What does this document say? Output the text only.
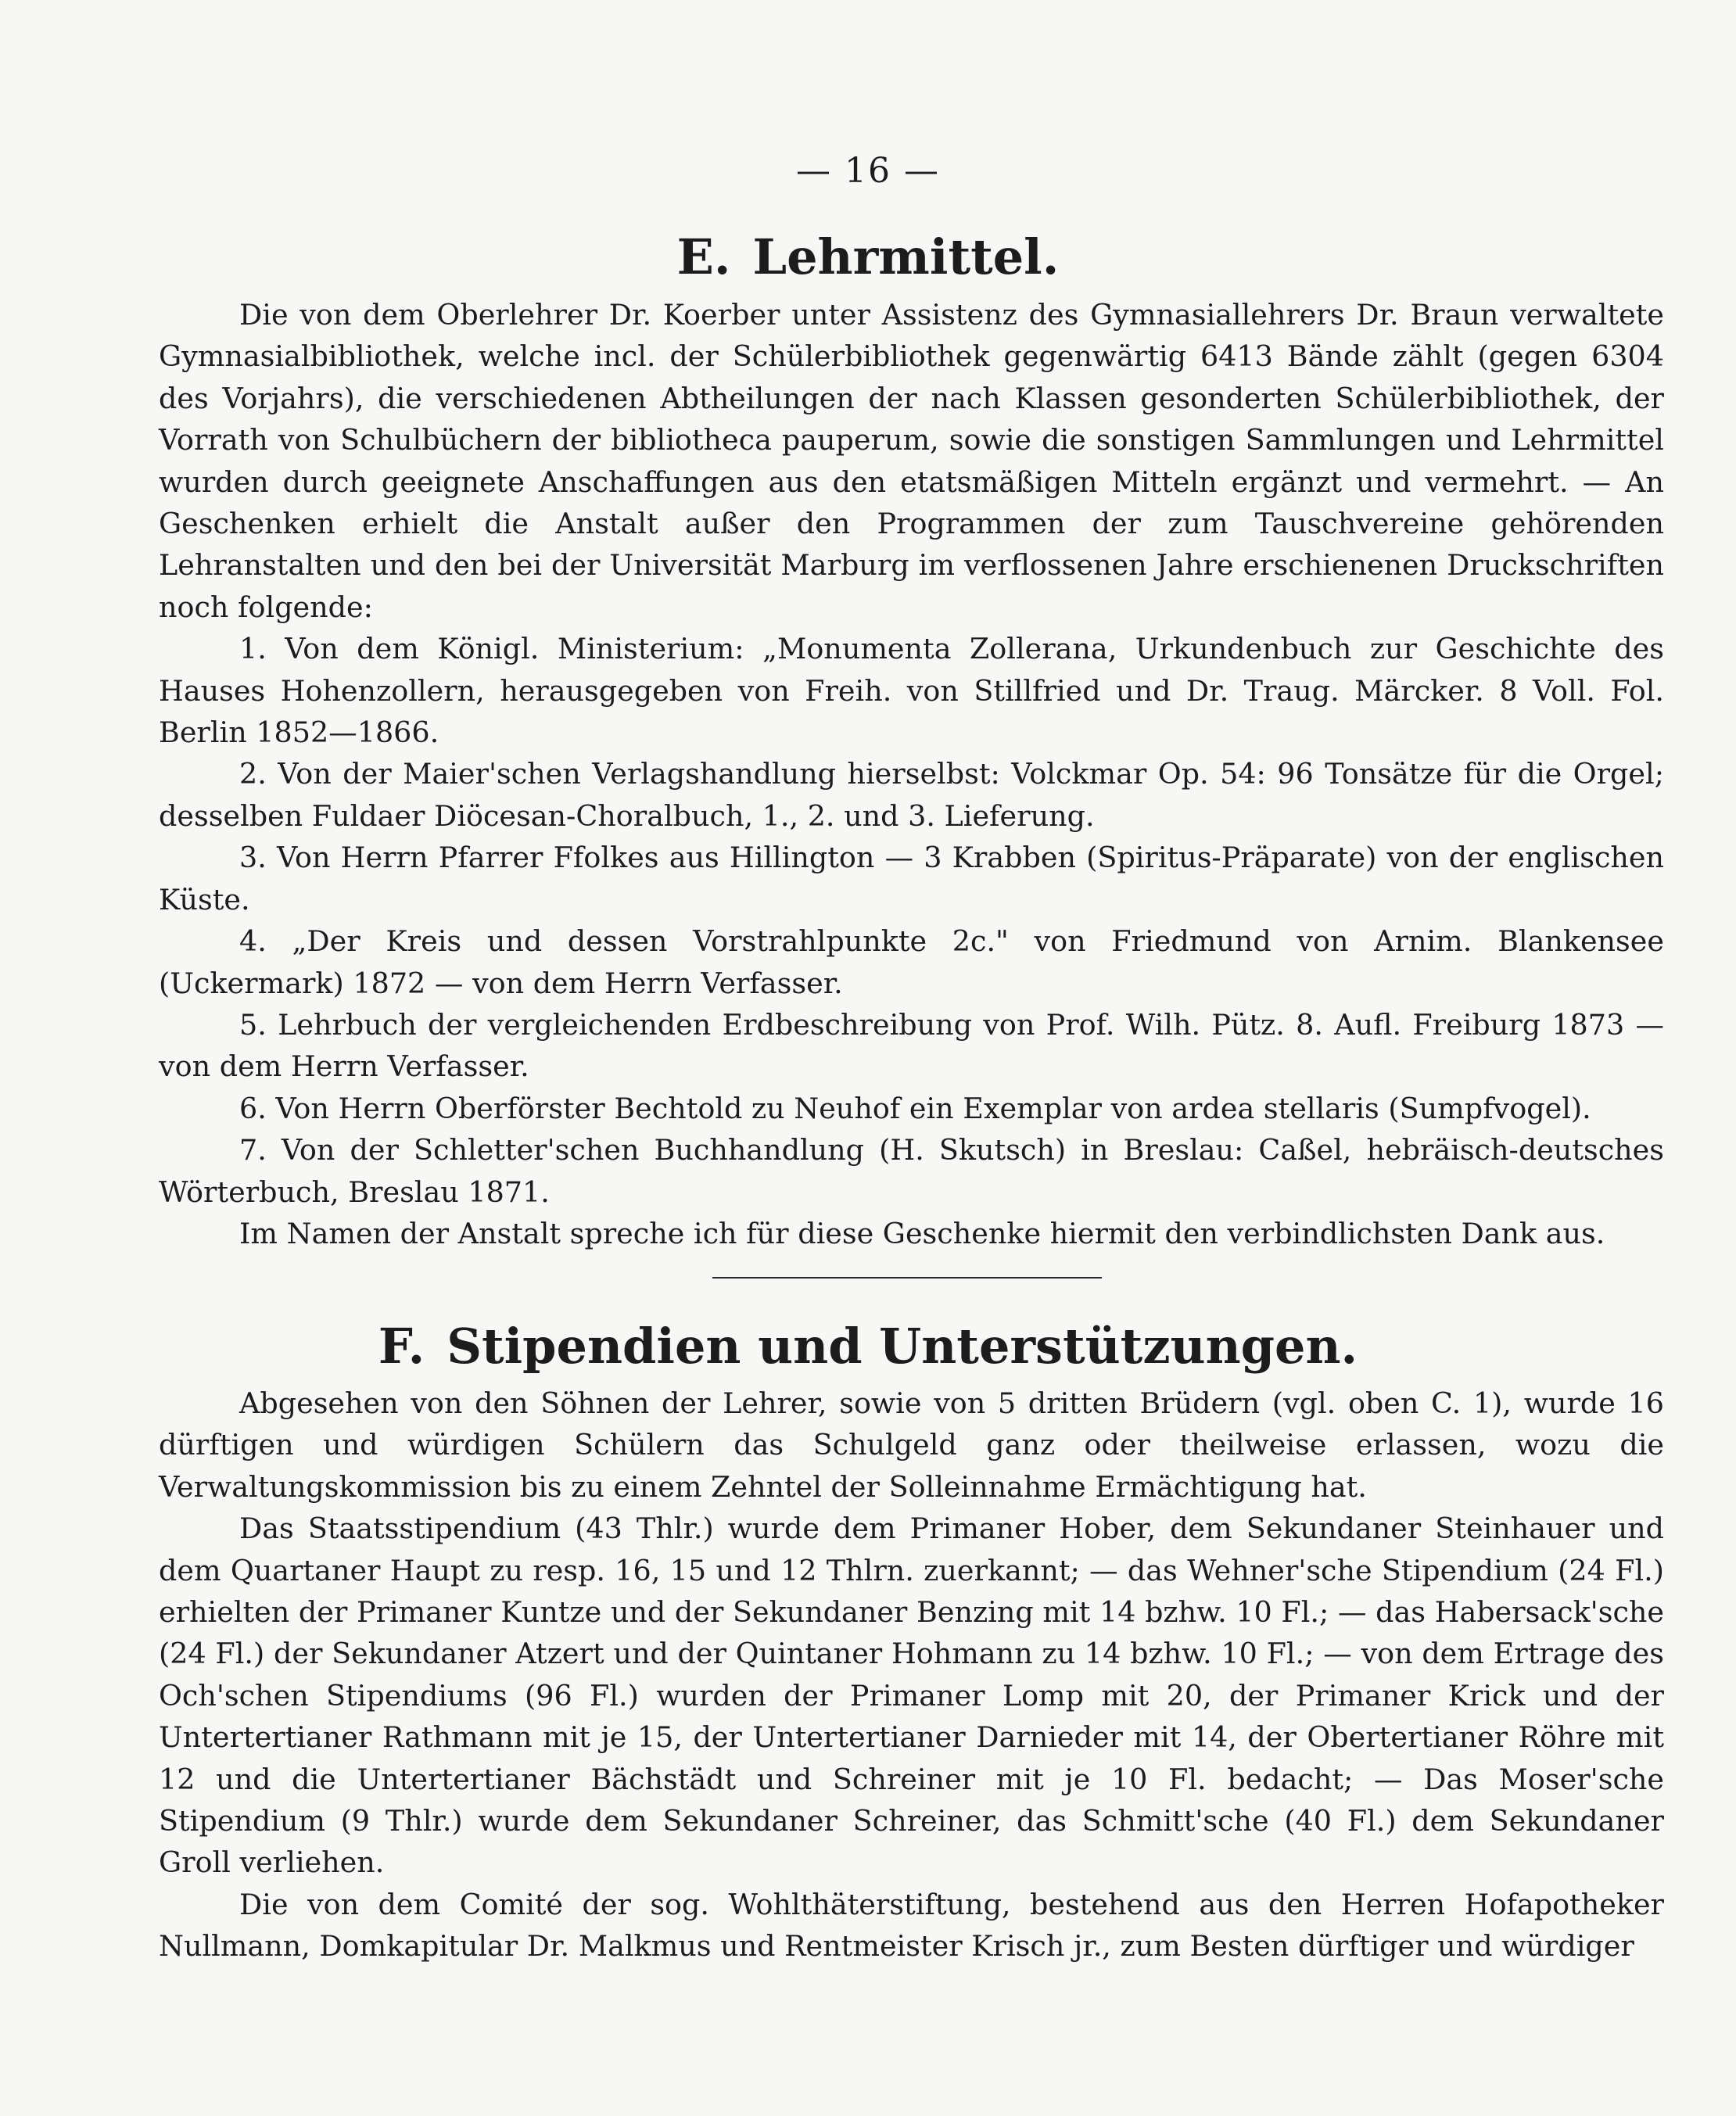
— 16 —
E. Lehrmittel.

Die von dem Oberlehrer Dr. Koerber unter Assistenz des Gymnasiallehrers Dr. Braun verwaltete Gymnasialbibliothek, welche incl. der Schülerbibliothek gegenwärtig 6413 Bände zählt (gegen 6304 des Vorjahrs), die verschiedenen Abtheilungen der nach Klassen gesonderten Schülerbibliothek, der Vorrath von Schulbüchern der bibliotheca pauperum, sowie die sonstigen Sammlungen und Lehrmittel wurden durch geeignete Anschaffungen aus den etatsmäßigen Mitteln ergänzt und vermehrt. — An Geschenken erhielt die Anstalt außer den Programmen der zum Tauschvereine gehörenden Lehranstalten und den bei der Universität Marburg im verflossenen Jahre erschienenen Druckschriften noch folgende:

1. Von dem Königl. Ministerium: „Monumenta Zollerana, Urkundenbuch zur Geschichte des Hauses Hohenzollern, herausgegeben von Freih. von Stillfried und Dr. Traug. Märcker. 8 Voll. Fol. Berlin 1852—1866.

2. Von der Maier'schen Verlagshandlung hierselbst: Volckmar Op. 54: 96 Tonsätze für die Orgel; desselben Fuldaer Diöcesan-Choralbuch, 1., 2. und 3. Lieferung.

3. Von Herrn Pfarrer Ffolkes aus Hillington — 3 Krabben (Spiritus-Präparate) von der englischen Küste.

4. „Der Kreis und dessen Vorstrahlpunkte 2c." von Friedmund von Arnim. Blankensee (Uckermark) 1872 — von dem Herrn Verfasser.

5. Lehrbuch der vergleichenden Erdbeschreibung von Prof. Wilh. Pütz. 8. Aufl. Freiburg 1873 — von dem Herrn Verfasser.

6. Von Herrn Oberförster Bechtold zu Neuhof ein Exemplar von ardea stellaris (Sumpfvogel).

7. Von der Schletter'schen Buchhandlung (H. Skutsch) in Breslau: Caßel, hebräisch-deutsches Wörterbuch, Breslau 1871.

Im Namen der Anstalt spreche ich für diese Geschenke hiermit den verbindlichsten Dank aus.

F. Stipendien und Unterstützungen.

Abgesehen von den Söhnen der Lehrer, sowie von 5 dritten Brüdern (vgl. oben C. 1), wurde 16 dürftigen und würdigen Schülern das Schulgeld ganz oder theilweise erlassen, wozu die Verwaltungskommission bis zu einem Zehntel der Solleinnahme Ermächtigung hat.

Das Staatsstipendium (43 Thlr.) wurde dem Primaner Hober, dem Sekundaner Steinhauer und dem Quartaner Haupt zu resp. 16, 15 und 12 Thlrn. zuerkannt; — das Wehner'sche Stipendium (24 Fl.) erhielten der Primaner Kuntze und der Sekundaner Benzing mit 14 bzhw. 10 Fl.; — das Habersack'sche (24 Fl.) der Sekundaner Atzert und der Quintaner Hohmann zu 14 bzhw. 10 Fl.; — von dem Ertrage des Och'schen Stipendiums (96 Fl.) wurden der Primaner Lomp mit 20, der Primaner Krick und der Untertertianer Rathmann mit je 15, der Untertertianer Darnieder mit 14, der Obertertianer Röhre mit 12 und die Untertertianer Bächstädt und Schreiner mit je 10 Fl. bedacht; — Das Moser'sche Stipendium (9 Thlr.) wurde dem Sekundaner Schreiner, das Schmitt'sche (40 Fl.) dem Sekundaner Groll verliehen.

Die von dem Comité der sog. Wohlthäterstiftung, bestehend aus den Herren Hofapotheker Nullmann, Domkapitular Dr. Malkmus und Rentmeister Krisch jr., zum Besten dürftiger und würdiger
